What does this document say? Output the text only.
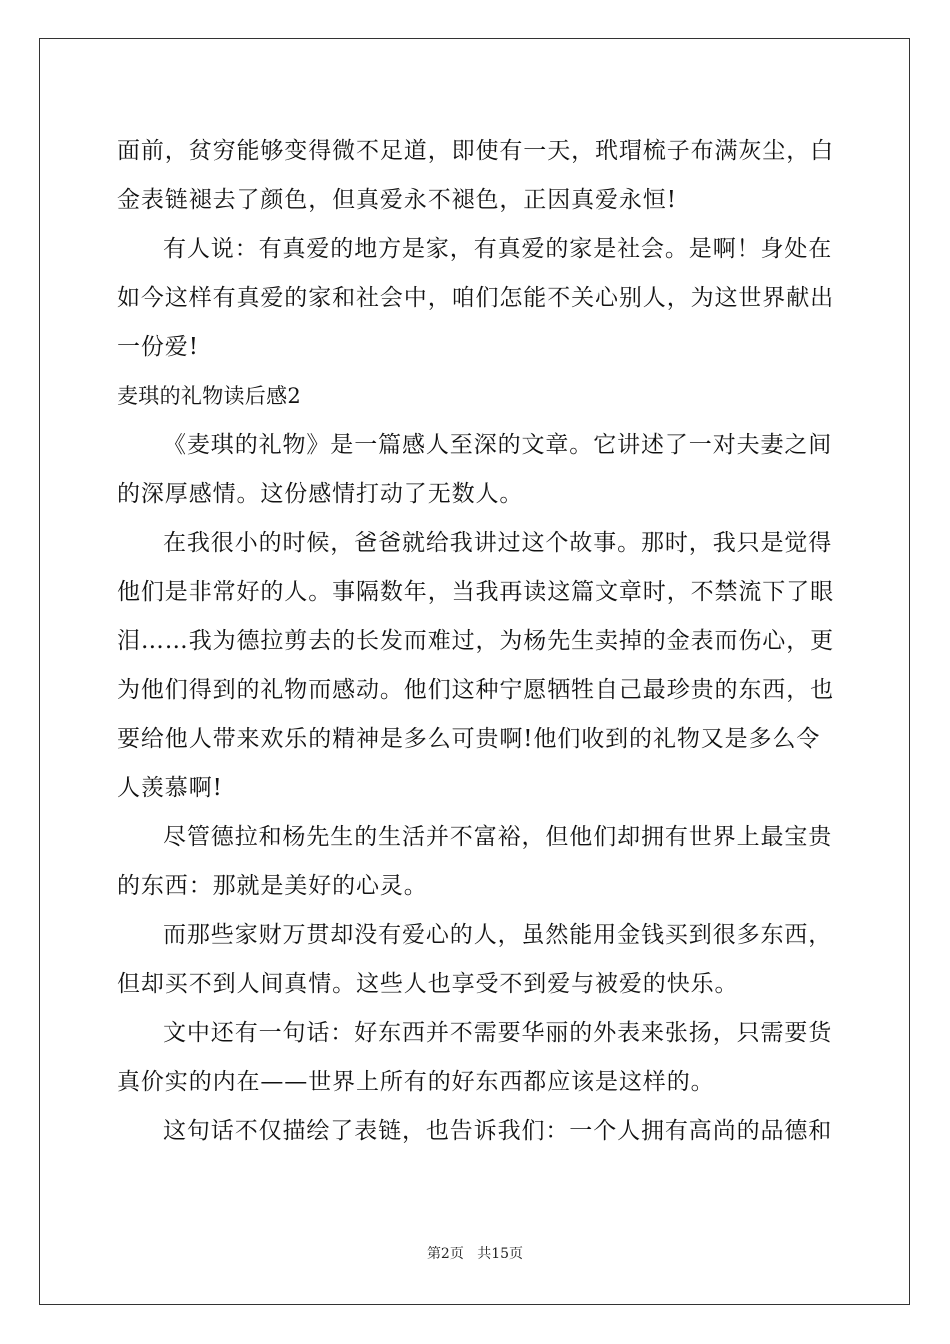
面前，贫穷能够变得微不足道，即使有一天，玳瑁梳子布满灰尘，白
金表链褪去了颜色，但真爱永不褪色，正因真爱永恒!
有人说：有真爱的地方是家，有真爱的家是社会。是啊！身处在
如今这样有真爱的家和社会中，咱们怎能不关心别人，为这世界献出
一份爱!
麦琪的礼物读后感2
《麦琪的礼物》是一篇感人至深的文章。它讲述了一对夫妻之间
的深厚感情。这份感情打动了无数人。
在我很小的时候，爸爸就给我讲过这个故事。那时，我只是觉得
他们是非常好的人。事隔数年，当我再读这篇文章时，不禁流下了眼
泪……我为德拉剪去的长发而难过，为杨先生卖掉的金表而伤心，更
为他们得到的礼物而感动。他们这种宁愿牺牲自己最珍贵的东西，也
要给他人带来欢乐的精神是多么可贵啊!他们收到的礼物又是多么令
人羡慕啊!
尽管德拉和杨先生的生活并不富裕，但他们却拥有世界上最宝贵
的东西：那就是美好的心灵。
而那些家财万贯却没有爱心的人，虽然能用金钱买到很多东西，
但却买不到人间真情。这些人也享受不到爱与被爱的快乐。
文中还有一句话：好东西并不需要华丽的外表来张扬，只需要货
真价实的内在——世界上所有的好东西都应该是这样的。
这句话不仅描绘了表链，也告诉我们：一个人拥有高尚的品德和
第2页 共15页
